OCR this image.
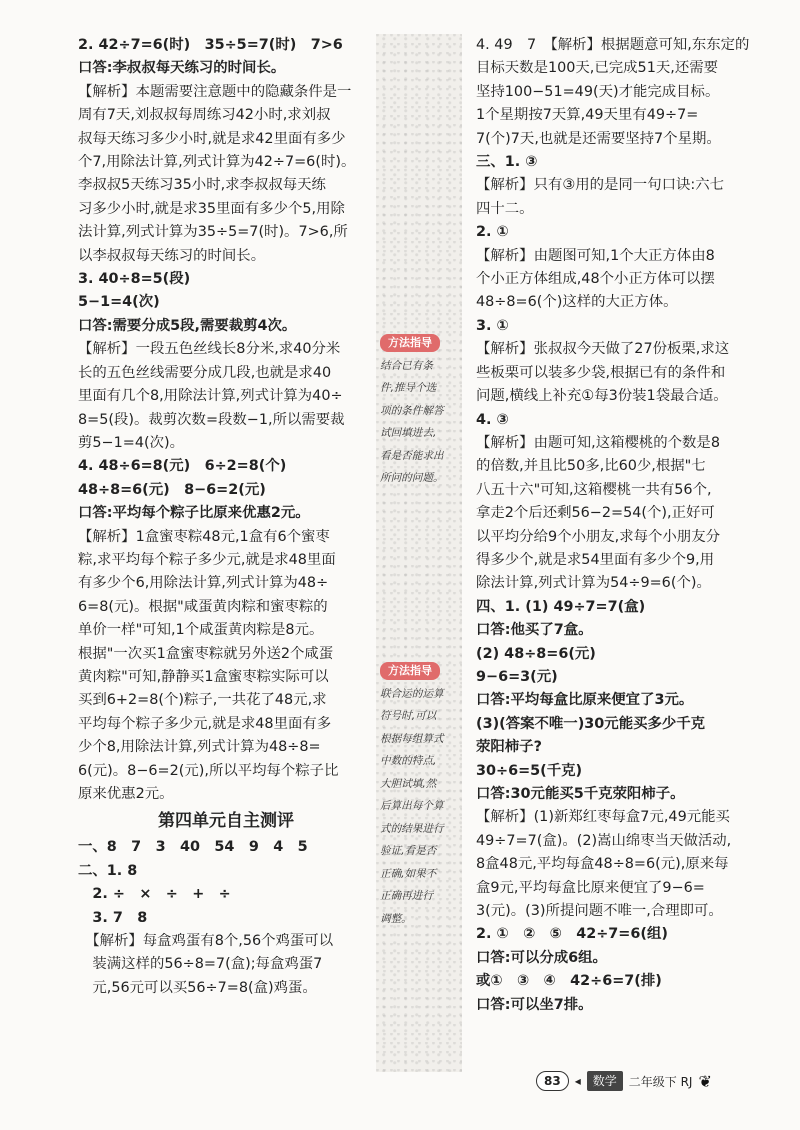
2. 42÷7=6(时)　35÷5=7(时)　7>6
口答:李叔叔每天练习的时间长。
【解析】本题需要注意题中的隐藏条件是一
周有7天,刘叔叔每周练习42小时,求刘叔
叔每天练习多少小时,就是求42里面有多少
个7,用除法计算,列式计算为42÷7=6(时)。
李叔叔5天练习35小时,求李叔叔每天练
习多少小时,就是求35里面有多少个5,用除
法计算,列式计算为35÷5=7(时)。7>6,所
以李叔叔每天练习的时间长。
3. 40÷8=5(段)
5−1=4(次)
口答:需要分成5段,需要裁剪4次。
【解析】一段五色丝线长8分米,求40分米
长的五色丝线需要分成几段,也就是求40
里面有几个8,用除法计算,列式计算为40÷
8=5(段)。裁剪次数=段数−1,所以需要裁
剪5−1=4(次)。
4. 48÷6=8(元)　6÷2=8(个)
48÷8=6(元)　8−6=2(元)
口答:平均每个粽子比原来优惠2元。
【解析】1盒蜜枣粽48元,1盒有6个蜜枣
粽,求平均每个粽子多少元,就是求48里面
有多少个6,用除法计算,列式计算为48÷
6=8(元)。根据"咸蛋黄肉粽和蜜枣粽的
单价一样"可知,1个咸蛋黄肉粽是8元。
根据"一次买1盒蜜枣粽就另外送2个咸蛋
黄肉粽"可知,静静买1盒蜜枣粽实际可以
买到6+2=8(个)粽子,一共花了48元,求
平均每个粽子多少元,就是求48里面有多
少个8,用除法计算,列式计算为48÷8=
6(元)。8−6=2(元),所以平均每个粽子比
原来优惠2元。
第四单元自主测评
一、8　7　3　40　54　9　4　5
二、1. 8
　2. ÷　×　÷　+　÷
　3. 7　8
　【解析】每盒鸡蛋有8个,56个鸡蛋可以
　装满这样的56÷8=7(盒);每盒鸡蛋7
　元,56元可以买56÷7=8(盒)鸡蛋。
4. 49　7　【解析】根据题意可知,东东定的
目标天数是100天,已完成51天,还需要
坚持100−51=49(天)才能完成目标。
1个星期按7天算,49天里有49÷7=
7(个)7天,也就是还需要坚持7个星期。
三、1. ③
【解析】只有③用的是同一句口诀:六七
四十二。
2. ①
【解析】由题图可知,1个大正方体由8
个小正方体组成,48个小正方体可以摆
48÷8=6(个)这样的大正方体。
3. ①
【解析】张叔叔今天做了27份板栗,求这
些板栗可以装多少袋,根据已有的条件和
问题,横线上补充①每3份装1袋最合适。
4. ③
【解析】由题可知,这箱樱桃的个数是8
的倍数,并且比50多,比60少,根据"七
八五十六"可知,这箱樱桃一共有56个,
拿走2个后还剩56−2=54(个),正好可
以平均分给9个小朋友,求每个小朋友分
得多少个,就是求54里面有多少个9,用
除法计算,列式计算为54÷9=6(个)。
四、1. (1) 49÷7=7(盒)
口答:他买了7盒。
(2) 48÷8=6(元)
9−6=3(元)
口答:平均每盒比原来便宜了3元。
(3)(答案不唯一)30元能买多少千克
荥阳柿子?
30÷6=5(千克)
口答:30元能买5千克荥阳柿子。
【解析】(1)新郑红枣每盒7元,49元能买
49÷7=7(盒)。(2)嵩山绵枣当天做活动,
8盒48元,平均每盒48÷8=6(元),原来每
盒9元,平均每盒比原来便宜了9−6=
3(元)。(3)所提问题不唯一,合理即可。
2. ①　②　⑤　42÷7=6(组)
口答:可以分成6组。
或①　③　④　42÷6=7(排)
口答:可以坐7排。
方法指导
结合已有条
件,推导个选
项的条件解答
试回填进去,
看是否能求出
所问的问题。
方法指导
联合运的运算
符号时,可以
根据每组算式
中数的特点,
大胆试填,然
后算出每个算
式的结果进行
验证,看是否
正确,如果不
正确再进行
调整。
83	◂	数学	二年级下 RJ ❦
